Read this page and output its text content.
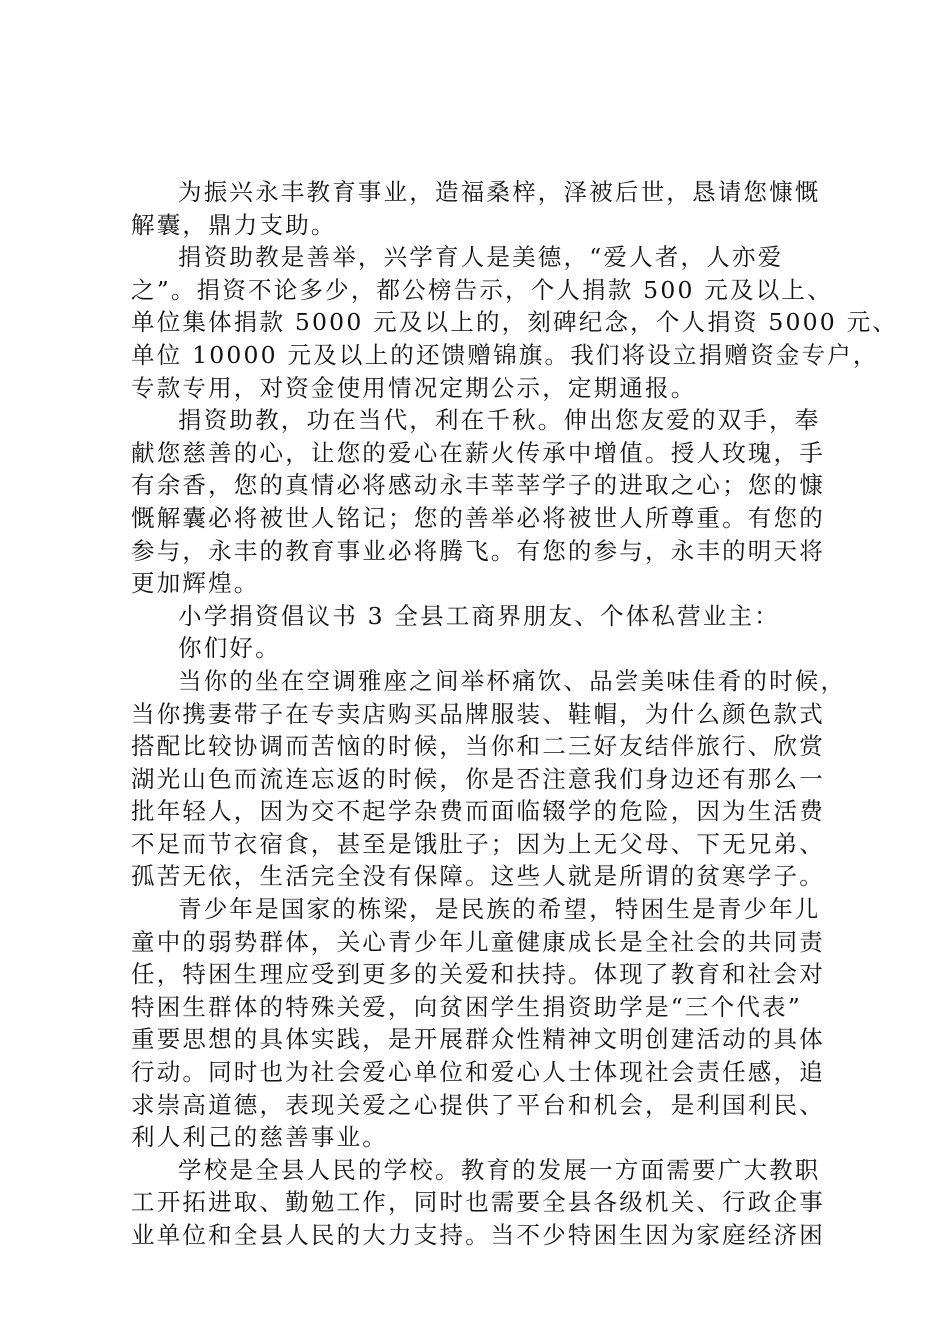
为振兴永丰教育事业，造福桑梓，泽被后世，恳请您慷慨
解囊，鼎力支助。
捐资助教是善举，兴学育人是美德，“爱人者，人亦爱
之”。捐资不论多少，都公榜告示，个人捐款 500 元及以上、
单位集体捐款 5000 元及以上的，刻碑纪念，个人捐资 5000 元、
单位 10000 元及以上的还馈赠锦旗。我们将设立捐赠资金专户，
专款专用，对资金使用情况定期公示，定期通报。
捐资助教，功在当代，利在千秋。伸出您友爱的双手，奉
献您慈善的心，让您的爱心在薪火传承中增值。授人玫瑰，手
有余香，您的真情必将感动永丰莘莘学子的进取之心；您的慷
慨解囊必将被世人铭记；您的善举必将被世人所尊重。有您的
参与，永丰的教育事业必将腾飞。有您的参与，永丰的明天将
更加辉煌。
小学捐资倡议书 3 全县工商界朋友、个体私营业主：
你们好。
当你的坐在空调雅座之间举杯痛饮、品尝美味佳肴的时候，
当你携妻带子在专卖店购买品牌服装、鞋帽，为什么颜色款式
搭配比较协调而苦恼的时候，当你和二三好友结伴旅行、欣赏
湖光山色而流连忘返的时候，你是否注意我们身边还有那么一
批年轻人，因为交不起学杂费而面临辍学的危险，因为生活费
不足而节衣宿食，甚至是饿肚子；因为上无父母、下无兄弟、
孤苦无依，生活完全没有保障。这些人就是所谓的贫寒学子。
青少年是国家的栋梁，是民族的希望，特困生是青少年儿
童中的弱势群体，关心青少年儿童健康成长是全社会的共同责
任，特困生理应受到更多的关爱和扶持。体现了教育和社会对
特困生群体的特殊关爱，向贫困学生捐资助学是“三个代表”
重要思想的具体实践，是开展群众性精神文明创建活动的具体
行动。同时也为社会爱心单位和爱心人士体现社会责任感，追
求崇高道德，表现关爱之心提供了平台和机会，是利国利民、
利人利己的慈善事业。
学校是全县人民的学校。教育的发展一方面需要广大教职
工开拓进取、勤勉工作，同时也需要全县各级机关、行政企事
业单位和全县人民的大力支持。当不少特困生因为家庭经济困
